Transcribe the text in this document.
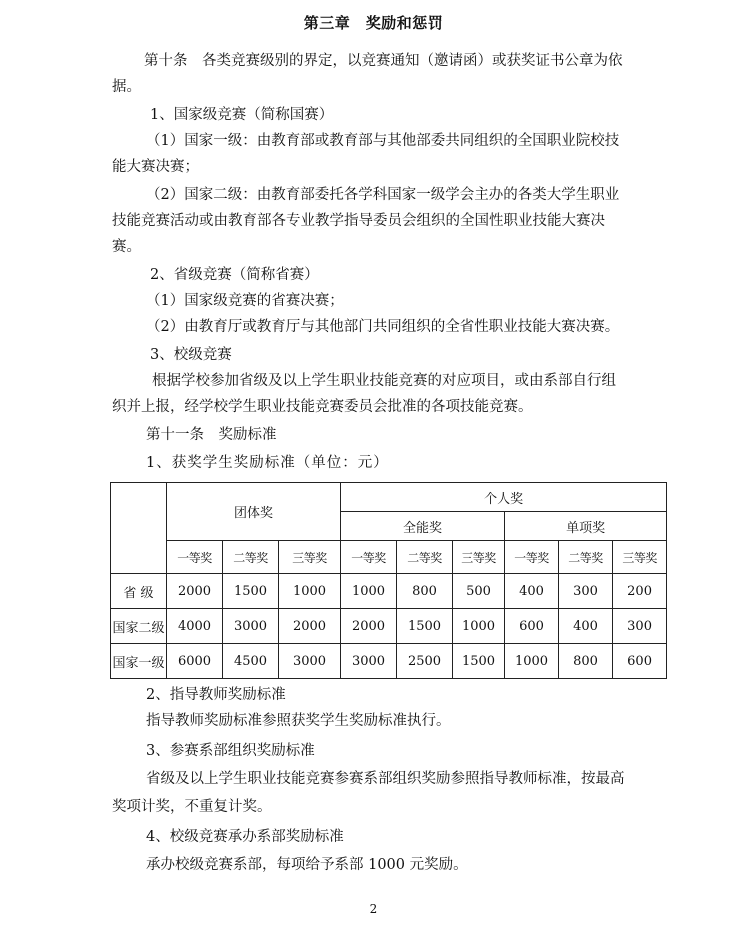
第三章　奖励和惩罚
第十条　各类竞赛级别的界定，以竞赛通知（邀请函）或获奖证书公章为依
据。
1、国家级竞赛（简称国赛）
（1）国家一级：由教育部或教育部与其他部委共同组织的全国职业院校技
能大赛决赛；
（2）国家二级：由教育部委托各学科国家一级学会主办的各类大学生职业
技能竞赛活动或由教育部各专业教学指导委员会组织的全国性职业技能大赛决
赛。
2、省级竞赛（简称省赛）
（1）国家级竞赛的省赛决赛；
（2）由教育厅或教育厅与其他部门共同组织的全省性职业技能大赛决赛。
3、校级竞赛
根据学校参加省级及以上学生职业技能竞赛的对应项目，或由系部自行组
织并上报，经学校学生职业技能竞赛委员会批准的各项技能竞赛。
第十一条　奖励标准
1、获奖学生奖励标准（单位：元）
	团体奖			个人奖					
				全能奖			单项奖		
	一等奖	二等奖	三等奖	一等奖	二等奖	三等奖	一等奖	二等奖	三等奖
省 级	2000	1500	1000	1000	800	500	400	300	200
国家二级	4000	3000	2000	2000	1500	1000	600	400	300
国家一级	6000	4500	3000	3000	2500	1500	1000	800	600
2、指导教师奖励标准
指导教师奖励标准参照获奖学生奖励标准执行。
3、参赛系部组织奖励标准
省级及以上学生职业技能竞赛参赛系部组织奖励参照指导教师标准，按最高
奖项计奖，不重复计奖。
4、校级竞赛承办系部奖励标准
承办校级竞赛系部，每项给予系部 1000 元奖励。
2
